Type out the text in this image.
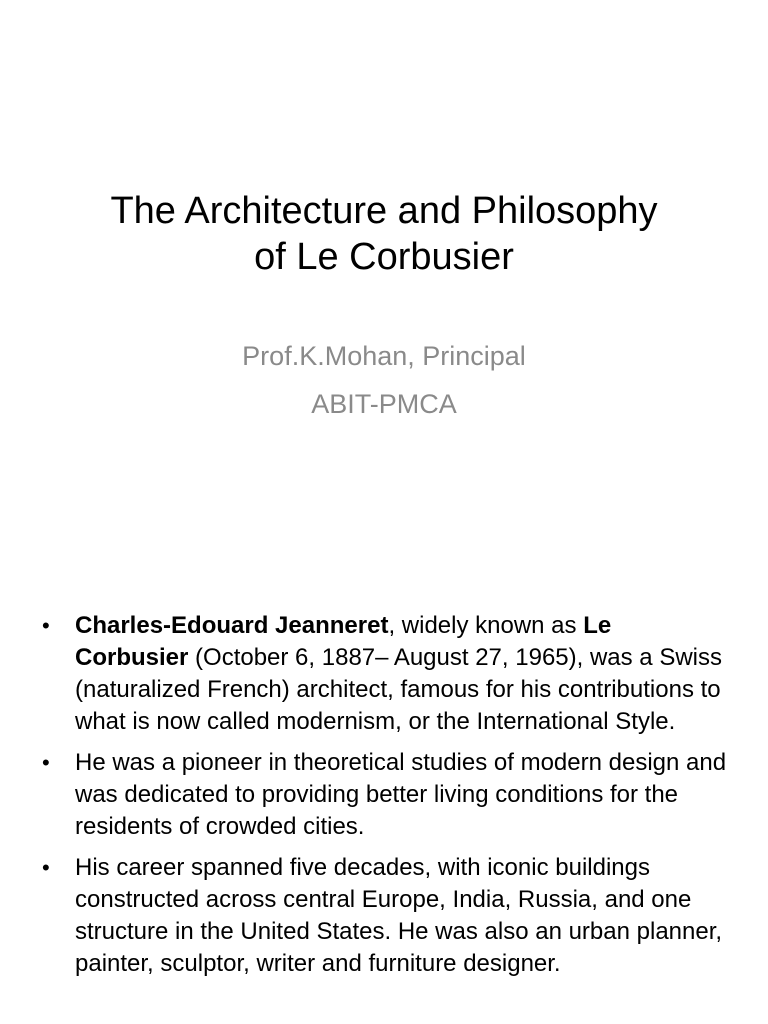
The Architecture and Philosophy
of Le Corbusier
Prof.K.Mohan, Principal
ABIT-PMCA
• Charles-Edouard Jeanneret, widely known as Le Corbusier (October 6, 1887– August 27, 1965), was a Swiss (naturalized French) architect, famous for his contributions to what is now called modernism, or the International Style.
• He was a pioneer in theoretical studies of modern design and was dedicated to providing better living conditions for the residents of crowded cities.
• His career spanned five decades, with iconic buildings constructed across central Europe, India, Russia, and one structure in the United States. He was also an urban planner, painter, sculptor, writer and furniture designer.
